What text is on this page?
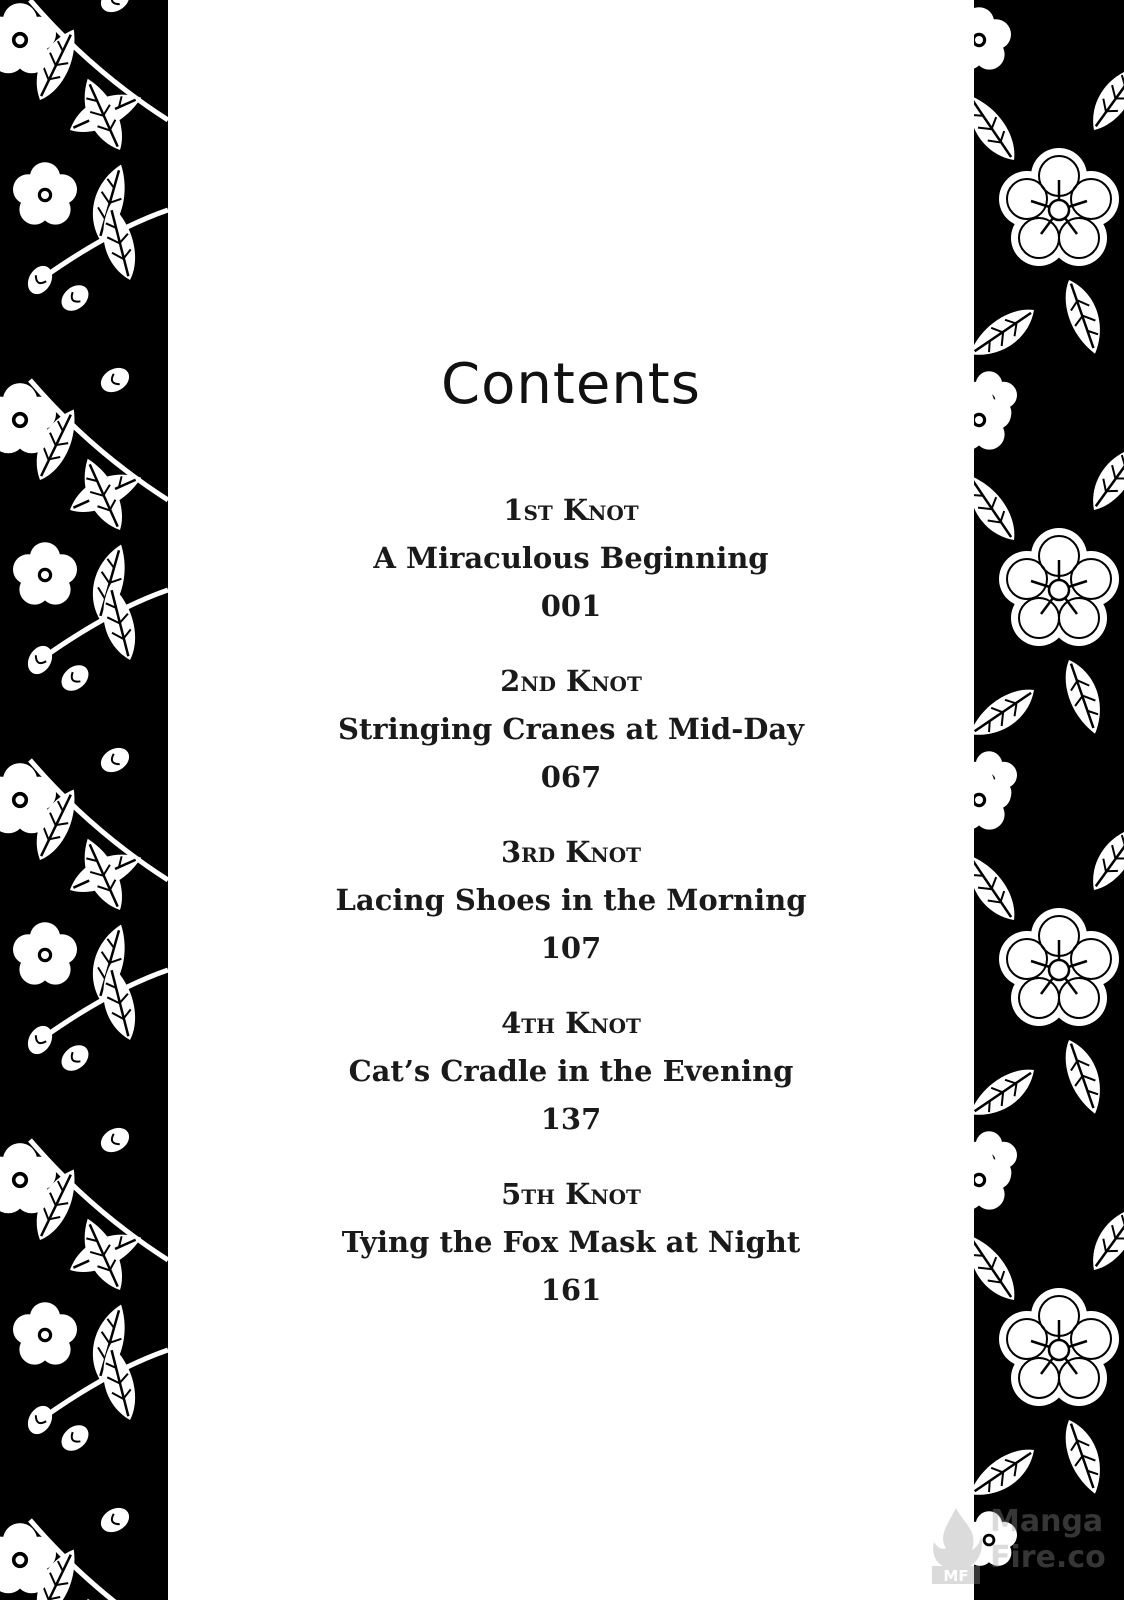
Contents
1st Knot
A Miraculous Beginning
001
2nd Knot
Stringing Cranes at Mid-Day
067
3rd Knot
Lacing Shoes in the Morning
107
4th Knot
Cat’s Cradle in the Evening
137
5th Knot
Tying the Fox Mask at Night
161
MF
Manga
Fire.co
